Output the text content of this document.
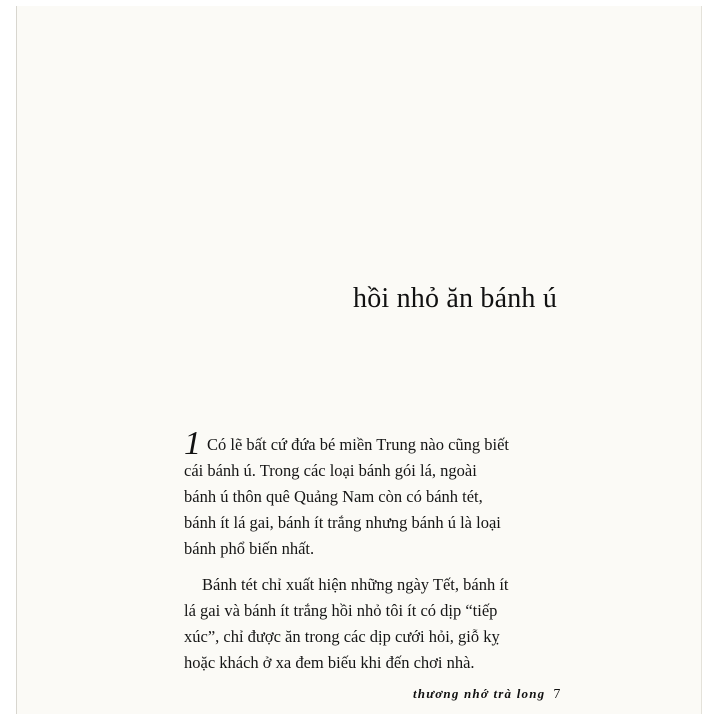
hồi nhỏ ăn bánh ú

1 Có lẽ bất cứ đứa bé miền Trung nào cũng biết
cái bánh ú. Trong các loại bánh gói lá, ngoài
bánh ú thôn quê Quảng Nam còn có bánh tét,
bánh ít lá gai, bánh ít trắng nhưng bánh ú là loại
bánh phổ biến nhất.

Bánh tét chỉ xuất hiện những ngày Tết, bánh ít
lá gai và bánh ít trắng hồi nhỏ tôi ít có dịp “tiếp
xúc”, chỉ được ăn trong các dịp cưới hỏi, giỗ kỵ
hoặc khách ở xa đem biếu khi đến chơi nhà.

thương nhớ trà long 7
